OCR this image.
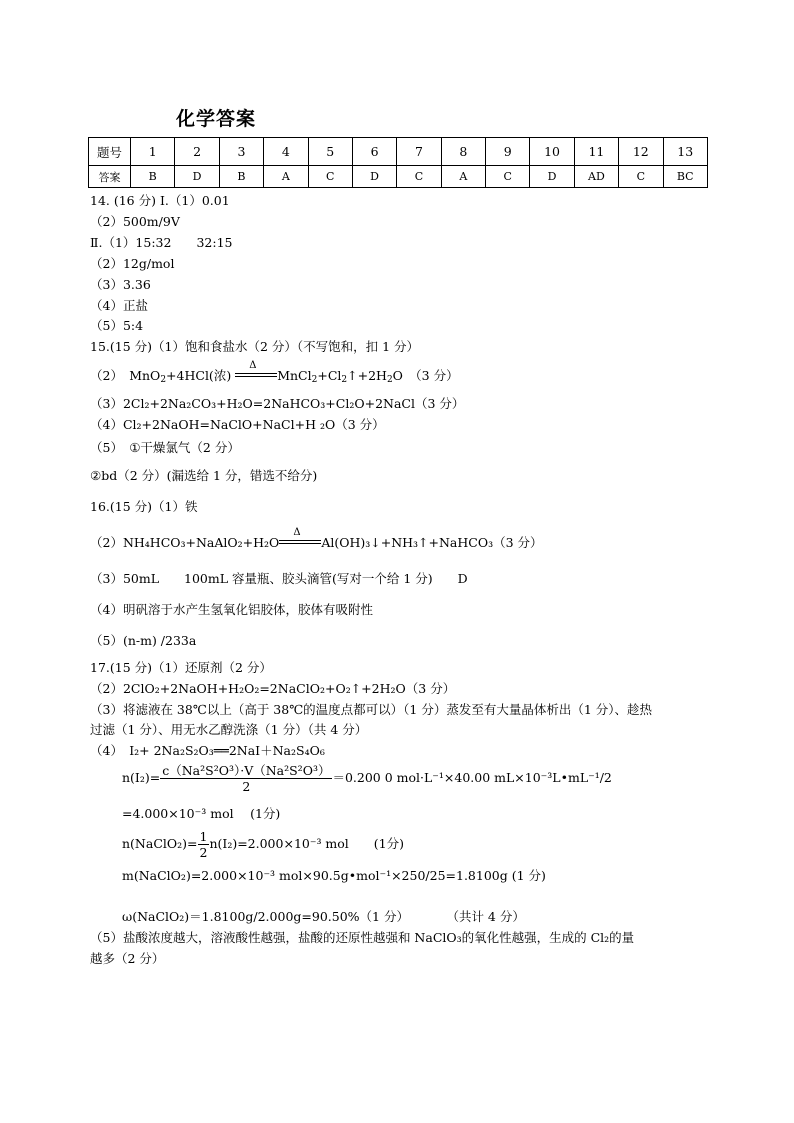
化学答案
题号	1	2	3	4	5	6	7	8	9	10	11	12	13
答案	B	D	B	A	C	D	C	A	C	D	AD	C	BC
14. (16 分) Ⅰ.（1）0.01
（2）500m/9V
Ⅱ.（1）15:32　　32:15
（2）12g/mol
（3）3.36
（4）正盐
（5）5:4
15.(15 分)（1）饱和食盐水（2 分）（不写饱和，扣 1 分）
（2）　MnO$_2$+4HCl(浓)
Δ
$MnCl_2+Cl_2↑+2H_2O$　（3 分）
（3）2Cl₂+2Na₂CO₃+H₂O=2NaHCO₃+Cl₂O+2NaCl（3 分）
（4）Cl₂+2NaOH=NaClO+NaCl+H ₂O（3 分）
（5）　①干燥氯气（2 分）
②bd（2 分）(漏选给 1 分，错选不给分)
16.(15 分)（1）铁
（2）NH₄HCO₃+NaAlO₂+H₂O
Δ
Al(OH)₃↓+NH₃↑+NaHCO₃（3 分）
（3）50mL　　100mL 容量瓶、胶头滴管(写对一个给 1 分)　　D
（4）明矾溶于水产生氢氧化铝胶体，胶体有吸附性
（5）(n-m) /233a
17.(15 分)（1）还原剂（2 分）
（2）2ClO₂+2NaOH+H₂O₂=2NaClO₂+O₂↑+2H₂O（3 分）
（3）将滤液在 38℃以上（高于 38℃的温度点都可以）（1 分）蒸发至有大量晶体析出（1 分）、趁热
过滤（1 分）、用无水乙醇洗涤（1 分）（共 4 分）
（4）　I₂+ 2Na₂S₂O₃══2NaI＋Na₂S₄O₆
$n(I_2)= \frac{\text{c（Na²S²O³）·V（Na²S²O³）}}{2} =0.200$ 0 mol·L⁻¹×40.00 mL×10⁻³L•mL⁻¹/2
=4.000×10⁻³ mol　 (1分)
n(NaClO₂)= $\frac{1}{2} n(I_2)=2.000\times 10^{-3}$ mol　　(1分)
m(NaClO₂)=2.000×10⁻³ mol×90.5g•mol⁻¹×250/25=1.8100g (1 分)
ω(NaClO₂)＝1.8100g/2.000g=90.50%（1 分）　　　　（共计 4 分）
（5）盐酸浓度越大，溶液酸性越强，盐酸的还原性越强和 NaClO₃的氧化性越强，生成的 Cl₂的量
越多（2 分）
